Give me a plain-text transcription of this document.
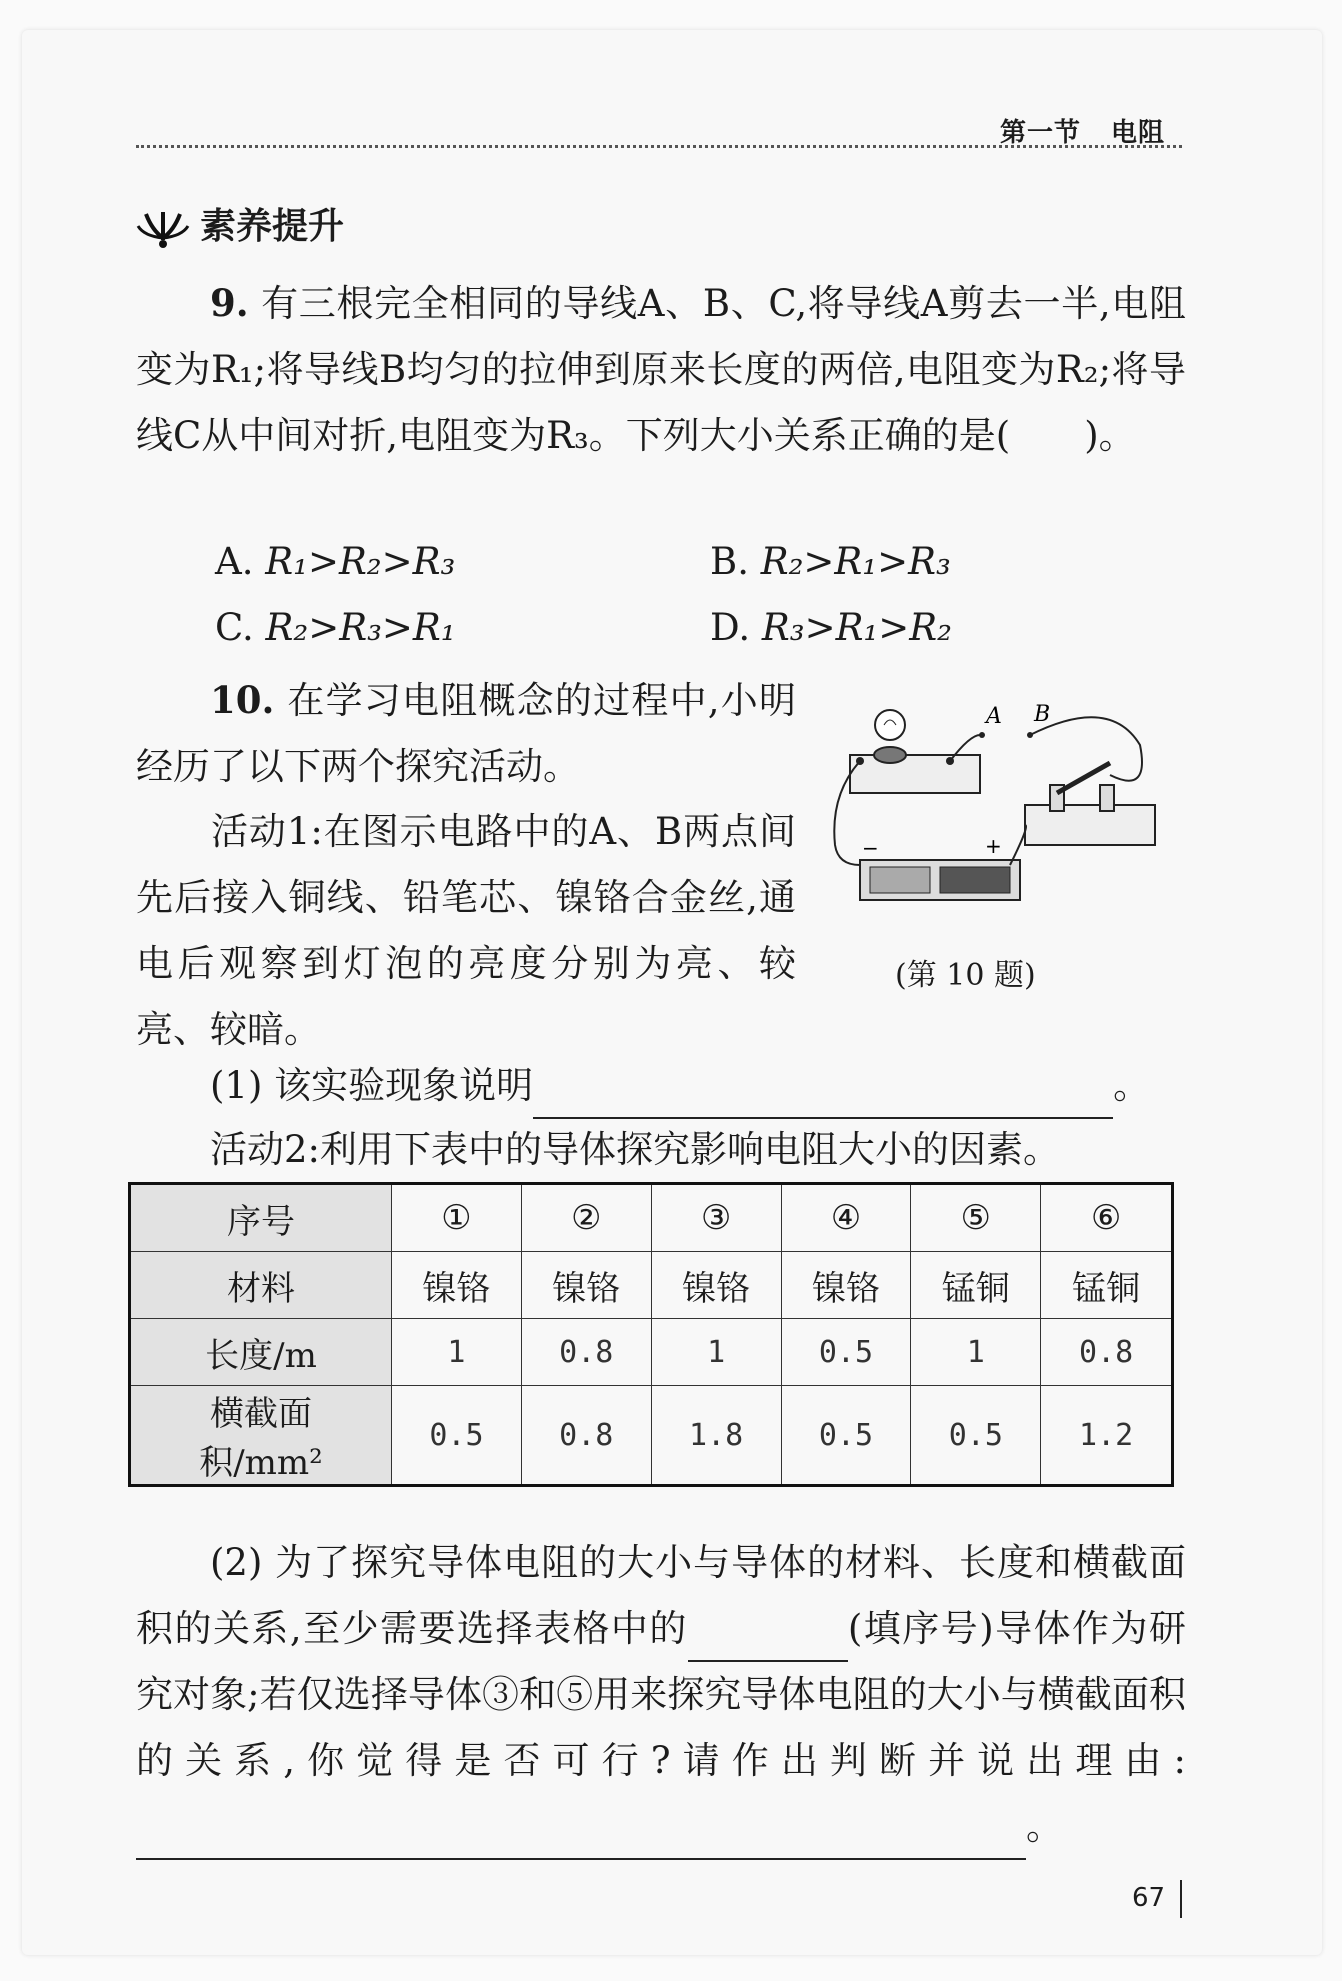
第一节 电阻
素养提升
9. 有三根完全相同的导线A、B、C,将导线A剪去一半,电阻变为R₁;将导线B均匀的拉伸到原来长度的两倍,电阻变为R₂;将导线C从中间对折,电阻变为R₃。下列大小关系正确的是(　　)。
A. R₁>R₂>R₃	B. R₂>R₁>R₃
C. R₂>R₃>R₁	D. R₃>R₁>R₂
10. 在学习电阻概念的过程中,小明经历了以下两个探究活动。
活动1:在图示电路中的A、B两点间先后接入铜线、铅笔芯、镍铬合金丝,通电后观察到灯泡的亮度分别为亮、较亮、较暗。
A B
−	+
(第 10 题)
(1) 该实验现象说明	。
活动2:利用下表中的导体探究影响电阻大小的因素。
序号	①	②	③	④	⑤	⑥
材料	镍铬	镍铬	镍铬	镍铬	锰铜	锰铜
长度/m	1	0.8	1	0.5	1	0.8
横截面积/mm²	0.5	0.8	1.8	0.5	0.5	1.2
(2) 为了探究导体电阻的大小与导体的材料、长度和横截面积的关系,至少需要选择表格中的	(填序号)导体作为研究对象;若仅选择导体③和⑤用来探究导体电阻的大小与横截面积的关系,你觉得是否可行?请作出判断并说出理由:。
67
